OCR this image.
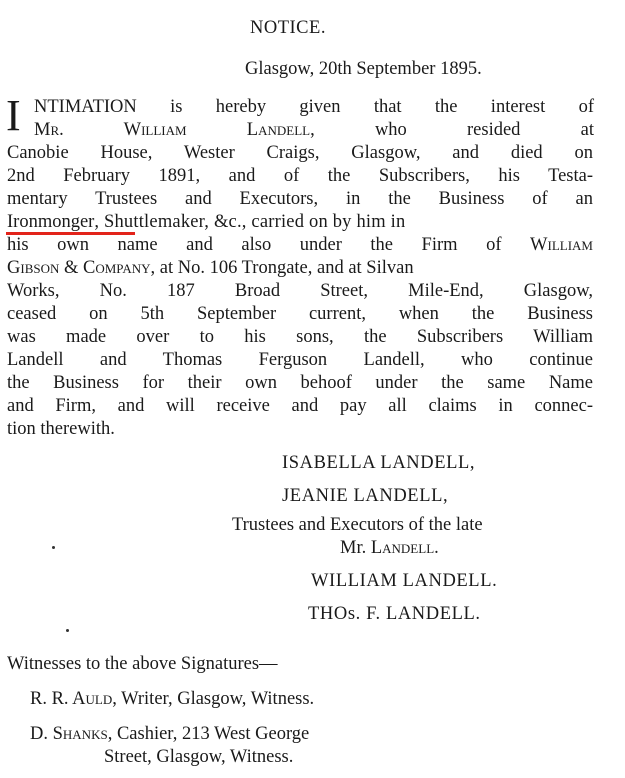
NOTICE.
Glasgow, 20th September 1895.
I NTIMATION is hereby given that the interest of
Mr. William Landell,	who resided at
Canobie House, Wester Craigs, Glasgow, and died on
2nd February 1891, and of the Subscribers, his Testa-
mentary Trustees and Executors, in the Business of an
Ironmonger, Shuttlemaker, &c., carried on by him in
his own name and also under the Firm of William
Gibson & Company, at No. 106 Trongate, and at Silvan
Works, No. 187 Broad Street, Mile-End, Glasgow,
ceased on 5th September current, when the Business
was made over to his sons, the Subscribers William
Landell and Thomas Ferguson Landell, who continue
the Business for their own behoof under the same Name
and Firm, and will receive and pay all claims in connec-
tion therewith.
ISABELLA LANDELL,
JEANIE LANDELL,
Trustees and Executors of the late
Mr. Landell.
WILLIAM LANDELL.
THOs. F. LANDELL.
Witnesses to the above Signatures—
R. R. Auld, Writer, Glasgow, Witness.
D. Shanks, Cashier, 213 West George
Street, Glasgow, Witness.
